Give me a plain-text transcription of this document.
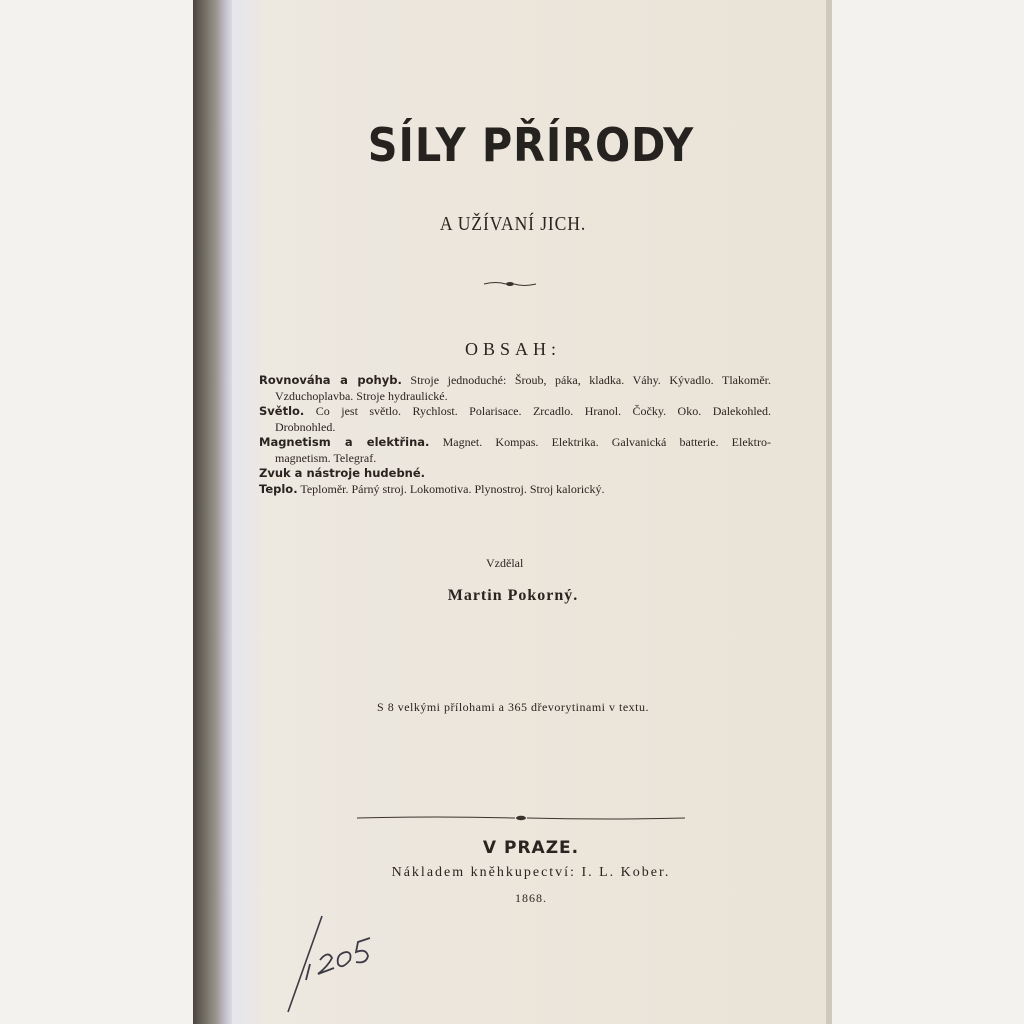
SÍLY PŘÍRODY
A UŽÍVANÍ JICH.
OBSAH:
Rovnováha a pohyb. Stroje jednoduché: Šroub, páka, kladka. Váhy. Kývadlo. Tlakoměr.
Vzduchoplavba. Stroje hydraulické.
Světlo. Co jest světlo. Rychlost. Polarisace. Zrcadlo. Hranol. Čočky. Oko. Dalekohled.
Drobnohled.
Magnetism a elektřina. Magnet. Kompas. Elektrika. Galvanická batterie. Elektro-
magnetism. Telegraf.
Zvuk a nástroje hudebné.
Teplo. Teploměr. Párný stroj. Lokomotiva. Plynostroj. Stroj kalorický.
Vzdělal
Martin Pokorný.
S 8 velkými přílohami a 365 dřevorytinami v textu.
V PRAZE.
Nákladem kněhkupectví: I. L. Kober.
1868.
